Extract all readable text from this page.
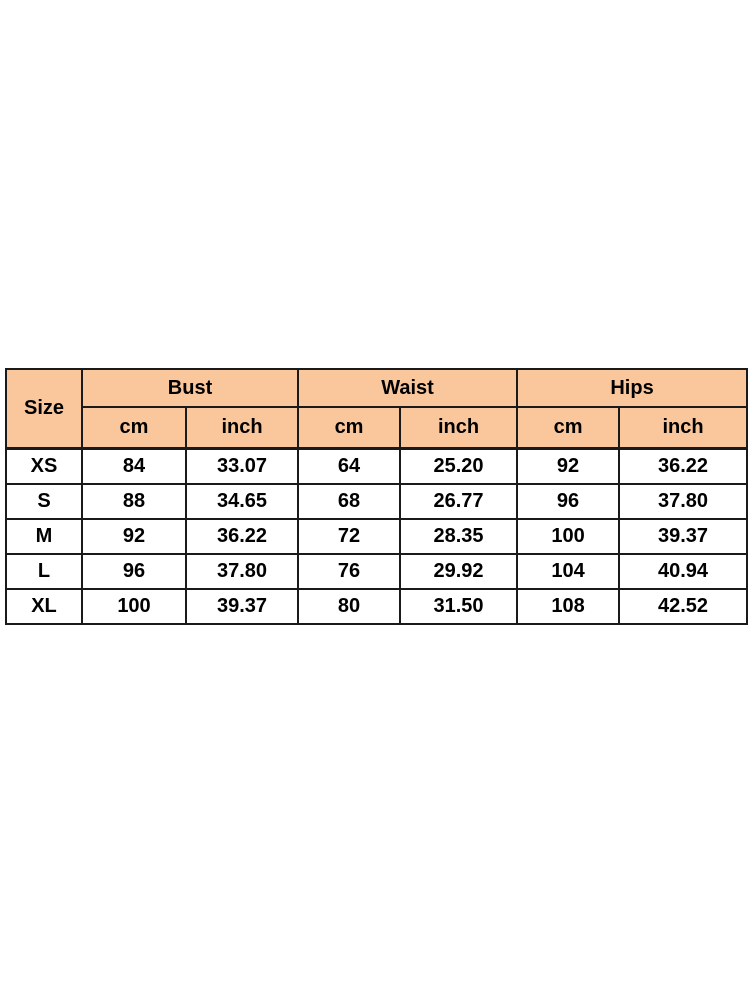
Size	Bust		Waist		Hips	
	cm	inch	cm	inch	cm	inch
XS	84	33.07	64	25.20	92	36.22
S	88	34.65	68	26.77	96	37.80
M	92	36.22	72	28.35	100	39.37
L	96	37.80	76	29.92	104	40.94
XL	100	39.37	80	31.50	108	42.52
